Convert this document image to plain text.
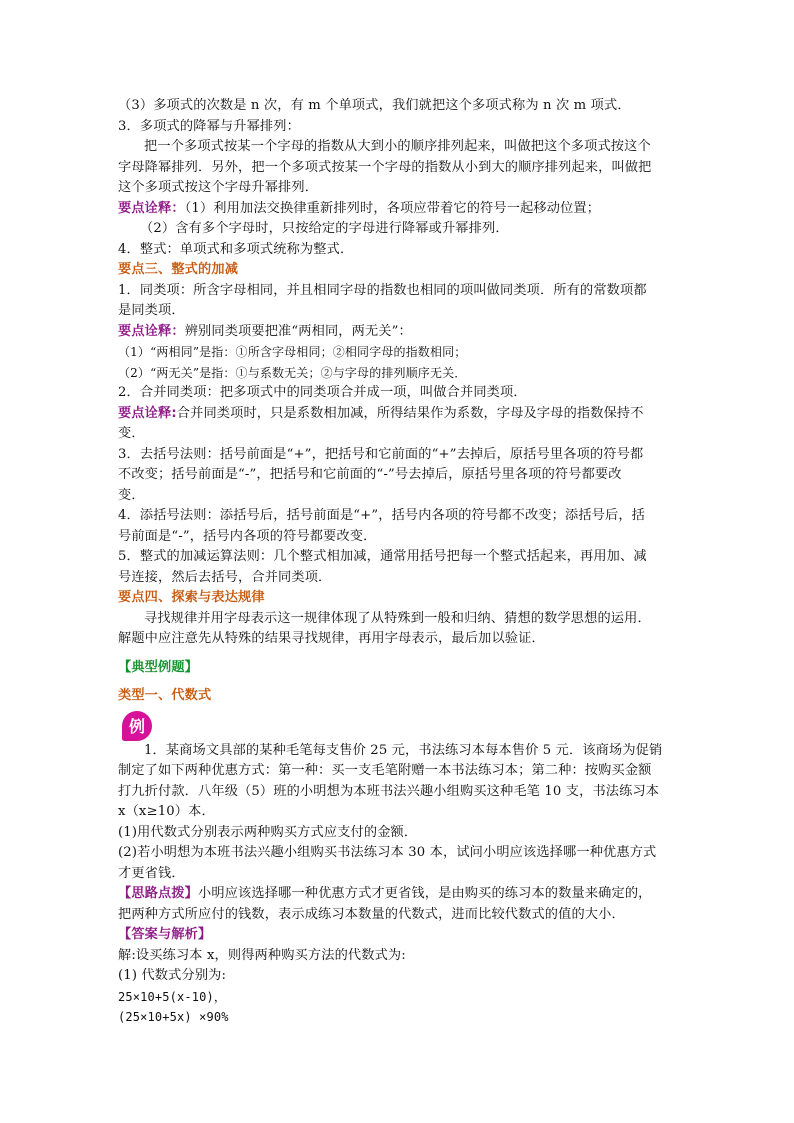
（3）多项式的次数是 n 次，有 m 个单项式，我们就把这个多项式称为 n 次 m 项式．

3．多项式的降幂与升幂排列：

把一个多项式按某一个字母的指数从大到小的顺序排列起来，叫做把这个多项式按这个

字母降幂排列．另外，把一个多项式按某一个字母的指数从小到大的顺序排列起来，叫做把

这个多项式按这个字母升幂排列．

要点诠释：（1）利用加法交换律重新排列时，各项应带着它的符号一起移动位置；

（2）含有多个字母时，只按给定的字母进行降幂或升幂排列．

4．整式：单项式和多项式统称为整式．

要点三、整式的加减

1．同类项：所含字母相同，并且相同字母的指数也相同的项叫做同类项．所有的常数项都

是同类项．

要点诠释：辨别同类项要把准“两相同，两无关”：

（1）“两相同”是指：①所含字母相同；②相同字母的指数相同；

（2）“两无关”是指：①与系数无关；②与字母的排列顺序无关．

2．合并同类项：把多项式中的同类项合并成一项，叫做合并同类项．

要点诠释:合并同类项时，只是系数相加减，所得结果作为系数，字母及字母的指数保持不

变．

3．去括号法则：括号前面是“+”，把括号和它前面的“+”去掉后，原括号里各项的符号都

不改变；括号前面是“-”，把括号和它前面的“-”号去掉后，原括号里各项的符号都要改

变．

4．添括号法则：添括号后，括号前面是“+”，括号内各项的符号都不改变；添括号后，括

号前面是“-”，括号内各项的符号都要改变．

5．整式的加减运算法则：几个整式相加减，通常用括号把每一个整式括起来，再用加、减

号连接，然后去括号，合并同类项．

要点四、探索与表达规律

寻找规律并用字母表示这一规律体现了从特殊到一般和归纳、猜想的数学思想的运用．

解题中应注意先从特殊的结果寻找规律，再用字母表示，最后加以验证．

【典型例题】

类型一、代数式

例

1．某商场文具部的某种毛笔每支售价 25 元，书法练习本每本售价 5 元．该商场为促销

制定了如下两种优惠方式：第一种：买一支毛笔附赠一本书法练习本；第二种：按购买金额

打九折付款．八年级（5）班的小明想为本班书法兴趣小组购买这种毛笔 10 支，书法练习本

x（x≥10）本．

(1)用代数式分别表示两种购买方式应支付的金额．

(2)若小明想为本班书法兴趣小组购买书法练习本 30 本，试问小明应该选择哪一种优惠方式

才更省钱．

【思路点拨】小明应该选择哪一种优惠方式才更省钱，是由购买的练习本的数量来确定的，

把两种方式所应付的钱数，表示成练习本数量的代数式，进而比较代数式的值的大小．

【答案与解析】

解:设买练习本 x，则得两种购买方法的代数式为:

(1) 代数式分别为:

25×10+5(x-10)，

(25×10+5x) ×90%
